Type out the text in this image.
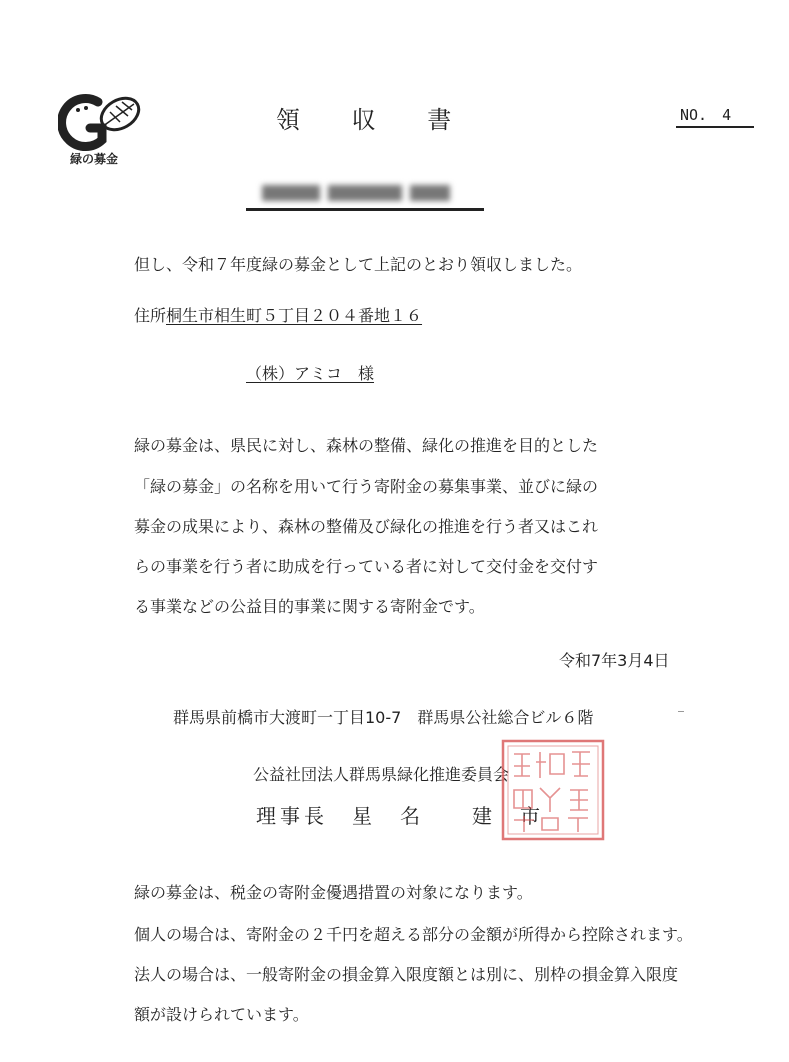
緑の募金
領 収 書	NO.　4
但し、令和７年度緑の募金として上記のとおり領収しました。
住所桐生市相生町５丁目２０４番地１６
（株）アミコ　様
緑の募金は、県民に対し、森林の整備、緑化の推進を目的とした
「緑の募金」の名称を用いて行う寄附金の募集事業、並びに緑の
募金の成果により、森林の整備及び緑化の推進を行う者又はこれ
らの事業を行う者に助成を行っている者に対して交付金を交付す
る事業などの公益目的事業に関する寄附金です。
令和7年3月4日
群馬県前橋市大渡町一丁目10-7　群馬県公社総合ビル６階
公益社団法人群馬県緑化推進委員会
理事長　星　名　　建　市
緑の募金は、税金の寄附金優遇措置の対象になります。
個人の場合は、寄附金の２千円を超える部分の金額が所得から控除されます。
法人の場合は、一般寄附金の損金算入限度額とは別に、別枠の損金算入限度
額が設けられています。
